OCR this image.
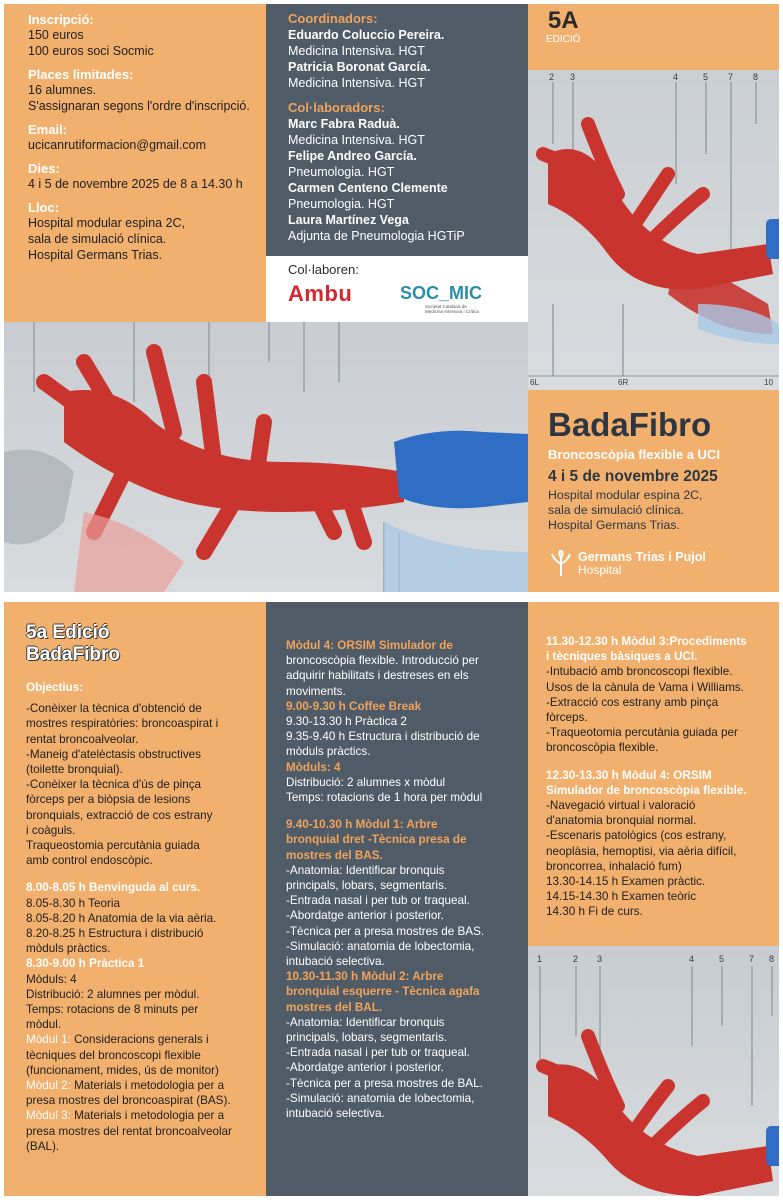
Inscripció:

150 euros

100 euros soci Socmic

Places limitades:

16 alumnes.

S'assignaran segons l'ordre d'inscripció.

Email:

ucicanrutiformacion@gmail.com

Dies:

4 i 5 de novembre 2025 de 8 a 14.30 h

Lloc:

Hospital modular espina 2C,

sala de simulació clínica.

Hospital Germans Trias.

Coordinadors:

Eduardo Coluccio Pereira.

Medicina Intensiva. HGT

Patricia Boronat García.

Medicina Intensiva. HGT

Col·laboradors:

Marc Fabra Raduà.

Medicina Intensiva. HGT

Felipe Andreo García.

Pneumologia. HGT

Carmen Centeno Clemente

Pneumologia. HGT

Laura Martínez Vega

Adjunta de Pneumologia HGTiP

Col·laboren:

Ambu	SOC_MIC
Societat Catalana de
Medicina Intensiva i Crítica
5A
EDICIÓ
2 3	4	5 7 8
6L	6R	10
BadaFibro
Broncoscòpia flexible a UCI
4 i 5 de novembre 2025
Hospital modular espina 2C,
sala de simulació clínica.
Hospital Germans Trias.
Germans Trias i Pujol
Hospital
5a Edició
BadaFibro

Objectius:

-Conèixer la tècnica d'obtenció de

mostres respiratòries: broncoaspirat i

rentat broncoalveolar.

-Maneig d'atelèctasis obstructives

(toilette bronquial).

-Conèixer la tècnica d'ús de pinça

fòrceps per a biòpsia de lesions

bronquials, extracció de cos estrany

i coàguls.

Traqueostomia percutània guiada

amb control endoscòpic.

8.00-8.05 h Benvinguda al curs.

8.05-8.30 h Teoria

8.05-8.20 h Anatomia de la via aèria.

8.20-8.25 h Estructura i distribució

mòduls pràctics.

8.30-9.00 h Pràctica 1

Mòduls: 4

Distribució: 2 alumnes per mòdul.

Temps: rotacions de 8 minuts per

mòdul.

Mòdul 1: Consideracions generals i

tècniques del broncoscopi flexible

(funcionament, mides, ús de monitor)

Mòdul 2: Materials i metodologia per a

presa mostres del broncoaspirat (BAS).

Mòdul 3: Materials i metodologia per a

presa mostres del rentat broncoalveolar

(BAL).

Mòdul 4: ORSIM Simulador de

broncoscòpia flexible. Introducció per

adquirir habilitats i destreses en els

moviments.

9.00-9.30 h Coffee Break

9.30-13.30 h Pràctica 2

9.35-9.40 h Estructura i distribució de

mòduls pràctics.

Mòduls: 4

Distribució: 2 alumnes x mòdul

Temps: rotacions de 1 hora per mòdul

9.40-10.30 h Mòdul 1: Arbre

bronquial dret -Tècnica presa de

mostres del BAS.

-Anatomia: Identificar bronquis

principals, lobars, segmentaris.

-Entrada nasal i per tub or traqueal.

-Abordatge anterior i posterior.

-Tècnica per a presa mostres de BAS.

-Simulació: anatomia de lobectomia,

intubació selectiva.

10.30-11.30 h Mòdul 2: Arbre

bronquial esquerre - Tècnica agafa

mostres del BAL.

-Anatomia: Identificar bronquis

principals, lobars, segmentaris.

-Entrada nasal i per tub or traqueal.

-Abordatge anterior i posterior.

-Tècnica per a presa mostres de BAL.

-Simulació: anatomia de lobectomia,

intubació selectiva.

11.30-12.30 h Mòdul 3:Procediments

i tècniques bàsiques a UCI.

-Intubació amb broncoscopi flexible.

Usos de la cànula de Vama i Williams.

-Extracció cos estrany amb pinça

fòrceps.

-Traqueotomia percutània guiada per

broncoscòpia flexible.

12.30-13.30 h Mòdul 4: ORSIM

Simulador de broncoscòpia flexible.

-Navegació virtual i valoració

d'anatomia bronquial normal.

-Escenaris patològics (cos estrany,

neoplàsia, hemoptisi, via aèria difícil,

broncorrea, inhalació fum)

13.30-14.15 h Examen pràctic.

14.15-14.30 h Examen teòric

14.30 h Fi de curs.

1	2 3	4	5	7 8
